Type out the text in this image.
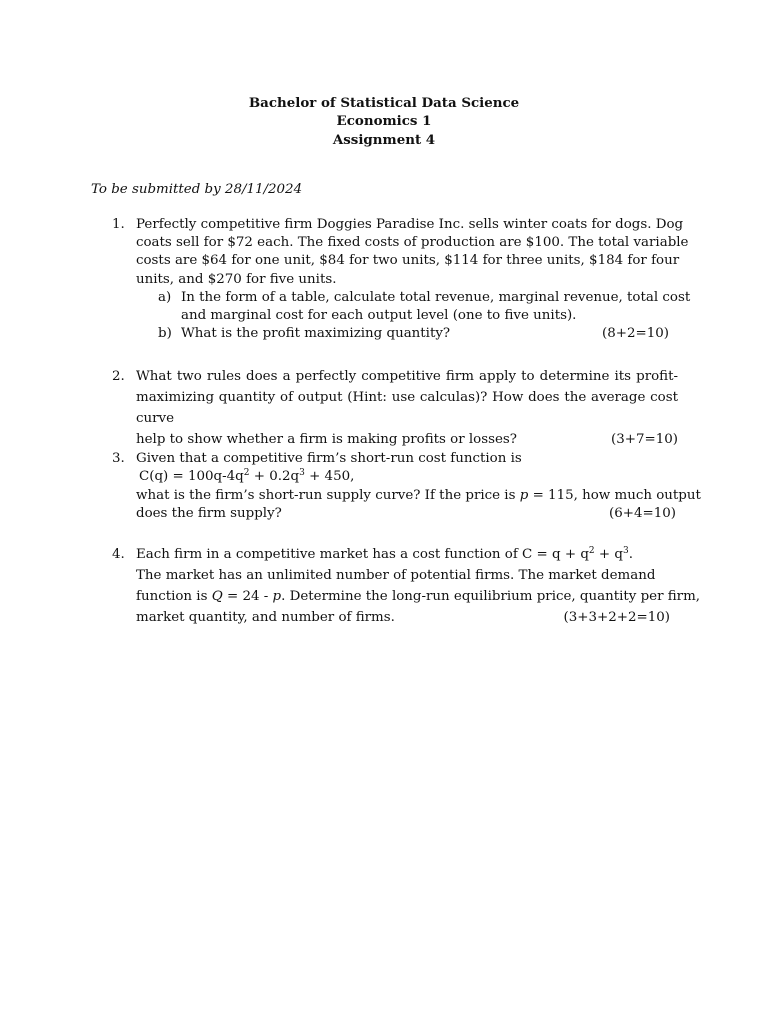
Bachelor of Statistical Data Science
Economics 1
Assignment 4
To be submitted by 28/11/2024
1. Perfectly competitive firm Doggies Paradise Inc. sells winter coats for dogs. Dog
coats sell for $72 each. The fixed costs of production are $100. The total variable
costs are $64 for one unit, $84 for two units, $114 for three units, $184 for four
units, and $270 for five units.
a) In the form of a table, calculate total revenue, marginal revenue, total cost
and marginal cost for each output level (one to five units).
b) What is the profit maximizing quantity?	(8+2=10)
2. What two rules does a perfectly competitive firm apply to determine its profit-
maximizing quantity of output (Hint: use calculas)? How does the average cost curve
help to show whether a firm is making profits or losses?	(3+7=10)
3. Given that a competitive firm’s short-run cost function is
$C(q) = 100q-4q^2 + 0.2q^3 + 450$,
what is the firm’s short-run supply curve? If the price is p = 115, how much output
does the firm supply?	(6+4=10)
4. Each firm in a competitive market has a cost function of $C = q + q^2 + q^3$.
The market has an unlimited number of potential firms. The market demand
function is Q = 24 - p. Determine the long-run equilibrium price, quantity per firm,
market quantity, and number of firms.	(3+3+2+2=10)
